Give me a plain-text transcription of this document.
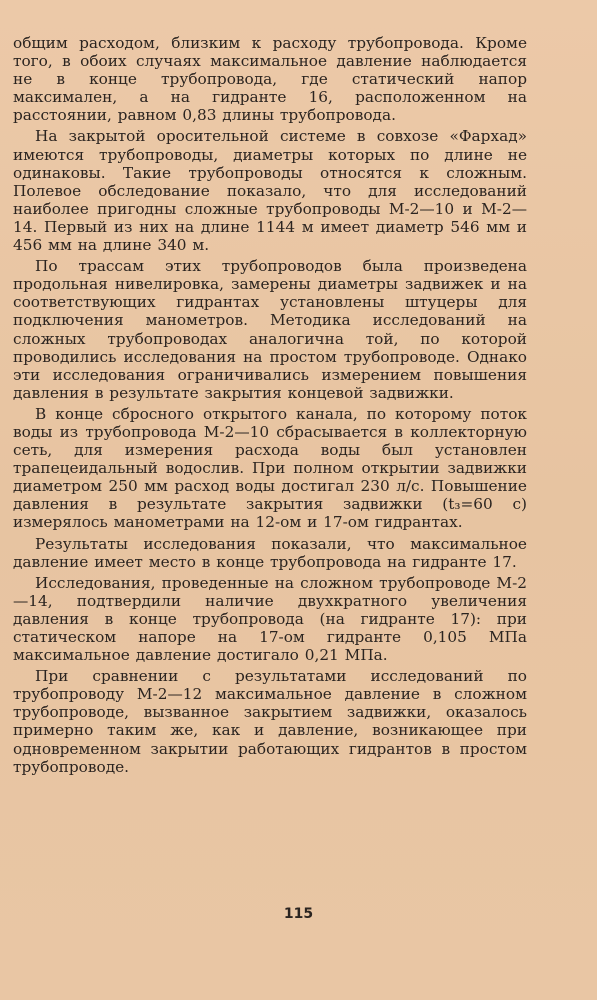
общим расходом, близким к расходу трубопровода. Кроме того, в обоих случаях максимальное давление наблюдается не в конце трубопровода, где статический напор максимален, а на гидранте 16, расположенном на расстоянии, равном 0,83 длины трубопровода.

На закрытой оросительной системе в совхозе «Фархад» имеются трубопроводы, диаметры которых по длине не одинаковы. Такие трубопроводы относятся к сложным. Полевое обследование показало, что для исследований наиболее пригодны сложные трубопроводы М-2—10 и М-2—14. Первый из них на длине 1144 м имеет диаметр 546 мм и 456 мм на длине 340 м.

По трассам этих трубопроводов была произведена продольная нивелировка, замерены диаметры задвижек и на соответствующих гидрантах установлены штуцеры для подключения манометров. Методика исследований на сложных трубопроводах аналогична той, по которой проводились исследования на простом трубопроводе. Однако эти исследования ограничивались измерением повышения давления в результате закрытия концевой задвижки.

В конце сбросного открытого канала, по которому поток воды из трубопровода М-2—10 сбрасывается в коллекторную сеть, для измерения расхода воды был установлен трапецеидальный водослив. При полном открытии задвижки диаметром 250 мм расход воды достигал 230 л/с. Повышение давления в результате закрытия задвижки (t₃=60 с) измерялось манометрами на 12-ом и 17-ом гидрантах.

Результаты исследования показали, что максимальное давление имеет место в конце трубопровода на гидранте 17.

Исследования, проведенные на сложном трубопроводе М-2—14, подтвердили наличие двухкратного увеличения давления в конце трубопровода (на гидранте 17): при статическом напоре на 17-ом гидранте 0,105 МПа максимальное давление достигало 0,21 МПа.

При сравнении с результатами исследований по трубопроводу М-2—12 максимальное давление в сложном трубопроводе, вызванное закрытием задвижки, оказалось примерно таким же, как и давление, возникающее при одновременном закрытии работающих гидрантов в простом трубопроводе.

115
